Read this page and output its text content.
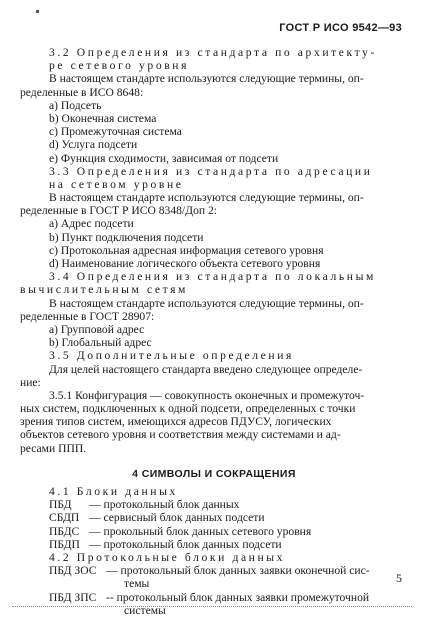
ГОСТ Р ИСО 9542—93
3.2 Определения из стандарта по архитекту-
ре сетевого уровня
В настоящем стандарте используются следующие термины, оп-
ределенные в ИСО 8648:
a) Подсеть
b) Оконечная система
c) Промежуточная система
d) Услуга подсети
e) Функция сходимости, зависимая от подсети
3.3 Определения из стандарта по адресации
на сетевом уровне
В настоящем стандарте используются следующие термины, оп-
ределенные в ГОСТ Р ИСО 8348/Доп 2:
a) Адрес подсети
b) Пункт подключения подсети
c) Протокольная адресная информация сетевого уровня
d) Наименование логического объекта сетевого уровня
3.4 Определения из стандарта по локальным
вычислительным сетям
В настоящем стандарте используются следующие термины, оп-
ределенные в ГОСТ 28907:
a) Групповой адрес
b) Глобальный адрес
3.5 Дополнительные определения
Для целей настоящего стандарта введено следующее определе-
ние:
3.5.1 Конфигурация — совокупность оконечных и промежуточ-
ных систем, подключенных к одной подсети, определенных с точки
зрения типов систем, имеющихся адресов ПДУСУ, логических
объектов сетевого уровня и соответствия между системами и ад-
ресами ППП.
4 СИМВОЛЫ И СОКРАЩЕНИЯ
4.1 Блоки данных
ПБД	— протокольный блок данных
СБДП — сервисный блок данных подсети
ПБДС — прокольный блок данных сетевого уровня
ПБДП — протокольный блок данных подсети
4.2 Протокольные блоки данных
ПБД ЗОС — протокольный блок данных заявки оконечной сис-
темы
ПБД ЗПС -- протокольный блок данных заявки промежуточной
системы
5
